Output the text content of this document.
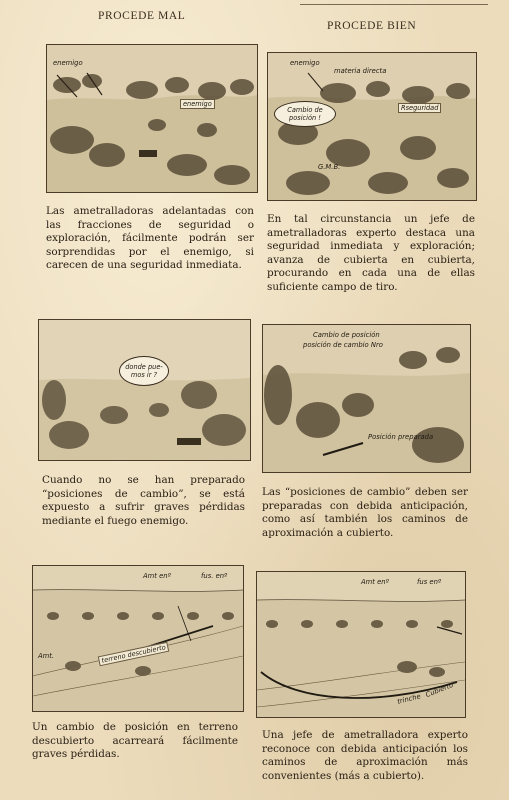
PROCEDE MAL
PROCEDE BIEN
enemigo
enemigo
enemigo
materia directa
Cambio de posición !
Rseguridad
G.M.B.
Las ametralladoras adelantadas con las fracciones de seguridad o exploración, fácilmente podrán ser sorprendidas por el enemigo, si carecen de una seguridad inmediata.
En tal circunstancia un jefe de ametralladoras experto destaca una seguridad inmediata y exploración; avanza de cubierta en cubierta, procurando en cada una de ellas suficiente campo de tiro.
donde pue-mos ir ?
Cambio de posición
posición de cambio Nro
Posición preparada
Cuando no se han preparado “posiciones de cambio”, se está expuesto a sufrir graves pérdidas mediante el fuego enemigo.
Las “posiciones de cambio” deben ser preparadas con debida anticipación, como así también los caminos de aproximación a cubierto.
Amt enº	fus. enº
Amt.	terreno descubierto
Amt enº	fus enº
trinche Cubierto
Un cambio de posición en terreno descubierto acarreará fácilmente graves pérdidas.
Una jefe de ametralladora experto reconoce con debida anticipación los caminos de aproximación más convenientes (más a cubierto).
